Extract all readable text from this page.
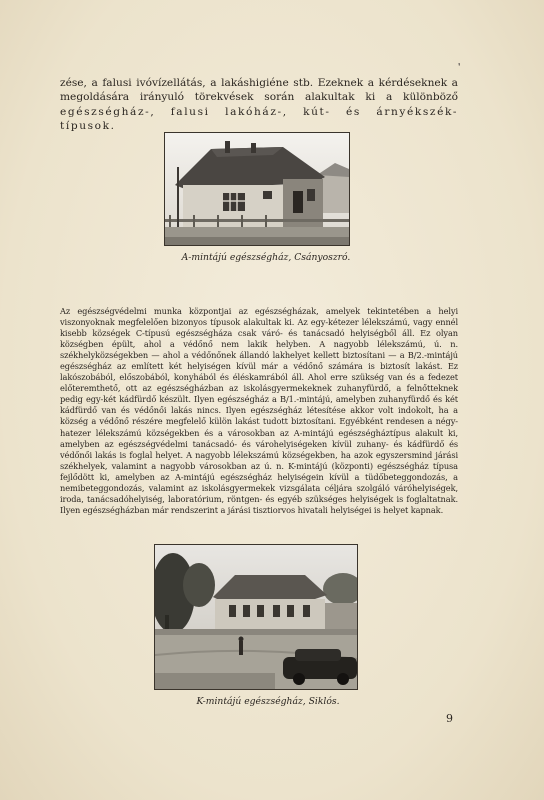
❜

zése, a falusi ivóvízellátás, a lakáshigiéne stb. Ezeknek a kérdéseknek a megoldására irányuló törekvések során alakultak ki a különböző egészségház-, falusi lakóház-, kút- és árnyékszék-típusok.

A-mintájú egészségház, Csányoszró.

Az egészségvédelmi munka központjai az egészségházak, amelyek tekintetében a helyi viszonyoknak megfelelően bizonyos típusok alakultak ki. Az egy-kétezer lélekszámú, vagy ennél kisebb községek C-típusú egészségháza csak váró- és tanácsadó helyiségből áll. Ez olyan községben épült, ahol a védőnő nem lakik helyben. A nagyobb lélekszámú, ú. n. székhelyközségekben — ahol a védőnőnek állandó lakhelyet kellett biztosítani — a B/2.-mintájú egészségház az említett két helyiségen kívül már a védőnő számára is biztosít lakást. Ez lakószobából, előszobából, konyhából és éléskamrából áll. Ahol erre szükség van és a fedezet előteremthető, ott az egészségházban az iskolásgyermekeknek zuhanyfürdő, a felnőtteknek pedig egy-két kádfürdő készült. Ilyen egészségház a B/1.-mintájú, amelyben zuhanyfürdő és két kádfürdő van és védőnői lakás nincs. Ilyen egészségház létesítése akkor volt indokolt, ha a község a védőnő részére megfelelő külön lakást tudott biztosítani. Egyébként rendesen a négy-hatezer lélekszámú községekben és a városokban az A-mintájú egészségháztípus alakult ki, amelyben az egészségvédelmi tanácsadó- és várohelyiségeken kívül zuhany- és kádfürdő és védőnői lakás is foglal helyet. A nagyobb lélekszámú községekben, ha azok egyszersmind járási székhelyek, valamint a nagyobb városokban az ú. n. K-mintájú (központi) egészségház típusa fejlődött ki, amelyben az A-mintájú egészségház helyiségein kívül a tüdőbeteggondozás, a nemibeteggondozás, valamint az iskolásgyermekek vizsgálata céljára szolgáló váróhelyiségek, iroda, tanácsadóhelyiség, laboratórium, röntgen- és egyéb szükséges helyiségek is foglaltatnak. Ilyen egészségházban már rendszerint a járási tisztiorvos hivatali helyiségei is helyet kapnak.

K-mintájú egészségház, Siklós.
9
